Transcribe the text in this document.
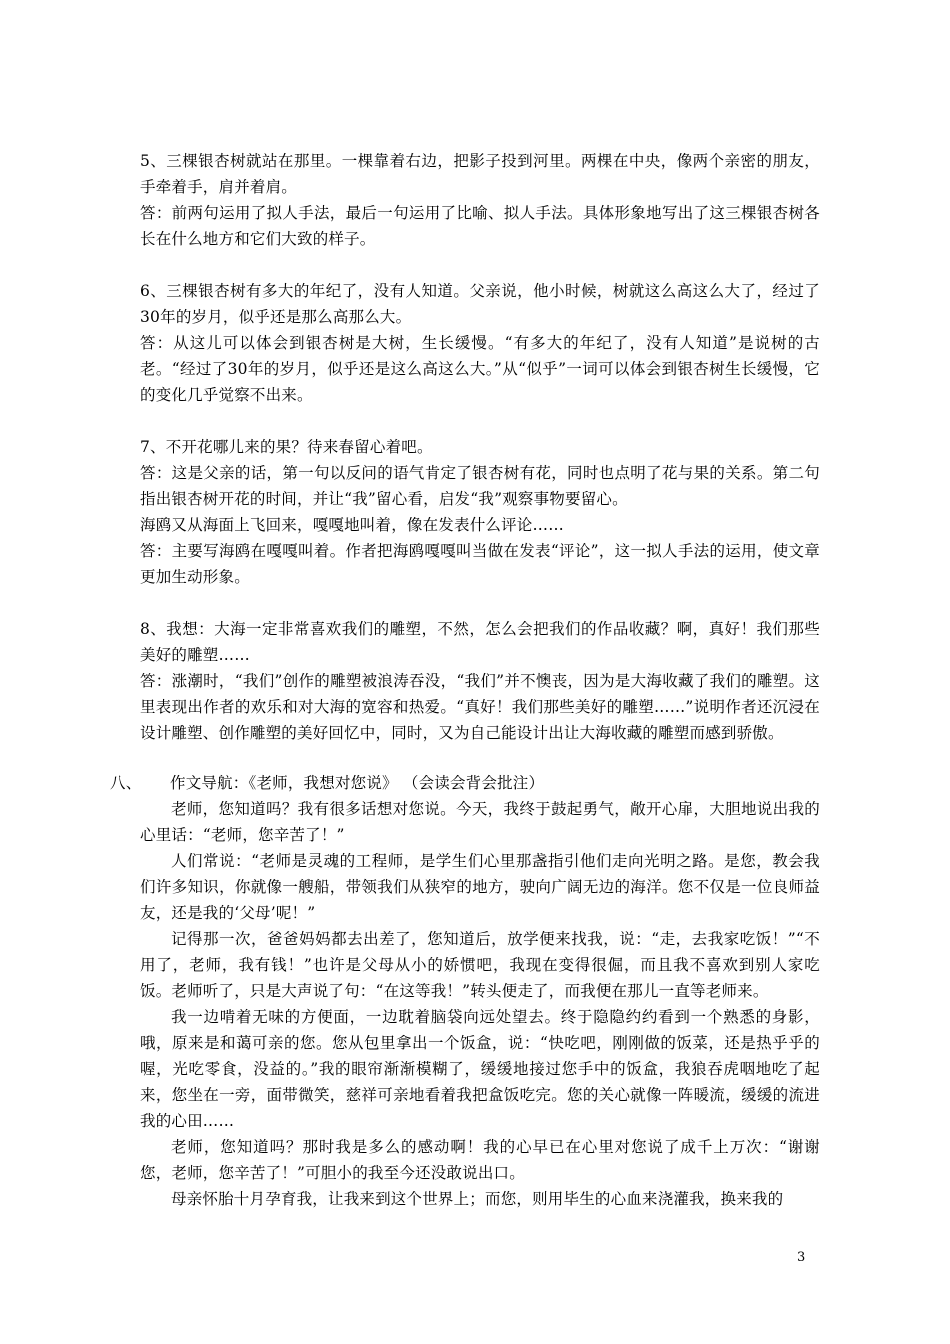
5、三棵银杏树就站在那里。一棵靠着右边，把影子投到河里。两棵在中央，像两个亲密的朋友，手牵着手，肩并着肩。

答：前两句运用了拟人手法，最后一句运用了比喻、拟人手法。具体形象地写出了这三棵银杏树各长在什么地方和它们大致的样子。

6、三棵银杏树有多大的年纪了，没有人知道。父亲说，他小时候，树就这么高这么大了，经过了30年的岁月，似乎还是那么高那么大。

答：从这儿可以体会到银杏树是大树，生长缓慢。“有多大的年纪了，没有人知道”是说树的古老。“经过了30年的岁月，似乎还是这么高这么大。”从“似乎”一词可以体会到银杏树生长缓慢，它的变化几乎觉察不出来。

7、不开花哪儿来的果？待来春留心着吧。

答：这是父亲的话，第一句以反问的语气肯定了银杏树有花，同时也点明了花与果的关系。第二句指出银杏树开花的时间，并让“我”留心看，启发“我”观察事物要留心。

海鸥又从海面上飞回来，嘎嘎地叫着，像在发表什么评论……

答：主要写海鸥在嘎嘎叫着。作者把海鸥嘎嘎叫当做在发表“评论”，这一拟人手法的运用，使文章更加生动形象。

8、我想：大海一定非常喜欢我们的雕塑，不然，怎么会把我们的作品收藏？啊，真好！我们那些美好的雕塑……

答：涨潮时，“我们”创作的雕塑被浪涛吞没，“我们”并不懊丧，因为是大海收藏了我们的雕塑。这里表现出作者的欢乐和对大海的宽容和热爱。“真好！我们那些美好的雕塑……”说明作者还沉浸在设计雕塑、创作雕塑的美好回忆中，同时，又为自己能设计出让大海收藏的雕塑而感到骄傲。

八、 作文导航：《老师，我想对您说》 （会读会背会批注）

老师，您知道吗？我有很多话想对您说。今天，我终于鼓起勇气，敞开心扉，大胆地说出我的心里话：“老师，您辛苦了！”

人们常说：“老师是灵魂的工程师，是学生们心里那盏指引他们走向光明之路。是您，教会我们许多知识，你就像一艘船，带领我们从狭窄的地方，驶向广阔无边的海洋。您不仅是一位良师益友，还是我的‘父母’呢！”

记得那一次，爸爸妈妈都去出差了，您知道后，放学便来找我，说：“走，去我家吃饭！”“不用了，老师，我有钱！”也许是父母从小的娇惯吧，我现在变得很倔，而且我不喜欢到别人家吃饭。老师听了，只是大声说了句：“在这等我！”转头便走了，而我便在那儿一直等老师来。

我一边啃着无味的方便面，一边耽着脑袋向远处望去。终于隐隐约约看到一个熟悉的身影，哦，原来是和蔼可亲的您。您从包里拿出一个饭盒，说：“快吃吧，刚刚做的饭菜，还是热乎乎的喔，光吃零食，没益的。”我的眼帘渐渐模糊了，缓缓地接过您手中的饭盒，我狼吞虎咽地吃了起来，您坐在一旁，面带微笑，慈祥可亲地看着我把盒饭吃完。您的关心就像一阵暖流，缓缓的流进我的心田……

老师，您知道吗？那时我是多么的感动啊！我的心早已在心里对您说了成千上万次：“谢谢您，老师，您辛苦了！”可胆小的我至今还没敢说出口。

母亲怀胎十月孕育我，让我来到这个世界上；而您，则用毕生的心血来浇灌我，换来我的

3
